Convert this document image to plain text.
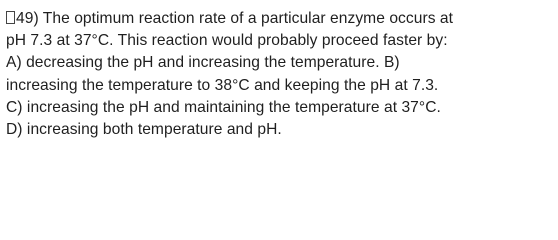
49) The optimum reaction rate of a particular enzyme occurs at
pH 7.3 at 37°C. This reaction would probably proceed faster by:
A) decreasing the pH and increasing the temperature. B)
increasing the temperature to 38°C and keeping the pH at 7.3.
C) increasing the pH and maintaining the temperature at 37°C.
D) increasing both temperature and pH.
